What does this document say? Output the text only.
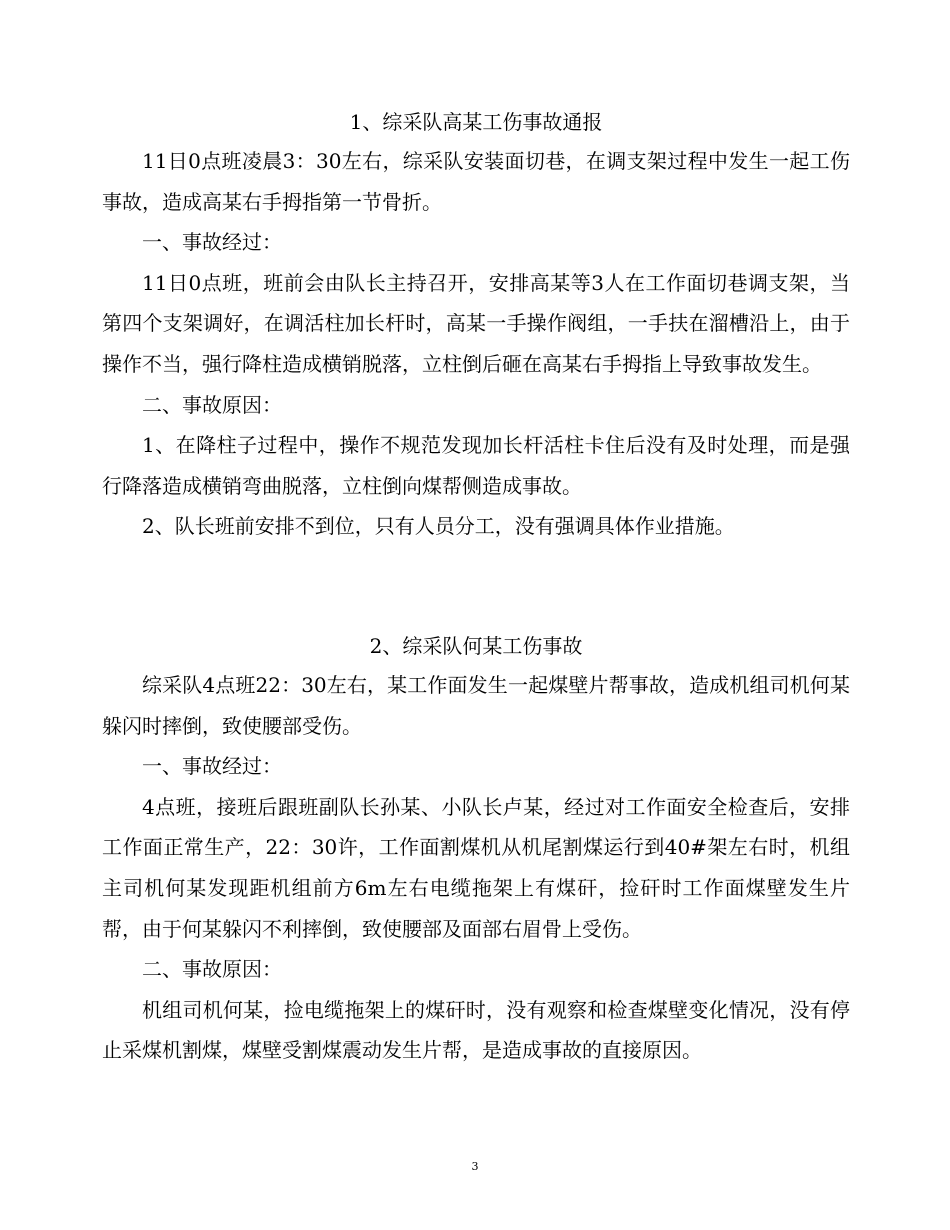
1、综采队高某工伤事故通报

11日0点班凌晨3：30左右，综采队安装面切巷，在调支架过程中发生一起工伤事故，造成高某右手拇指第一节骨折。

一、事故经过：

11日0点班，班前会由队长主持召开，安排高某等3人在工作面切巷调支架，当第四个支架调好，在调活柱加长杆时，高某一手操作阀组，一手扶在溜槽沿上，由于操作不当，强行降柱造成横销脱落，立柱倒后砸在高某右手拇指上导致事故发生。

二、事故原因：

1、在降柱子过程中，操作不规范发现加长杆活柱卡住后没有及时处理，而是强行降落造成横销弯曲脱落，立柱倒向煤帮侧造成事故。

2、队长班前安排不到位，只有人员分工，没有强调具体作业措施。

2、综采队何某工伤事故

综采队4点班22：30左右，某工作面发生一起煤壁片帮事故，造成机组司机何某躲闪时摔倒，致使腰部受伤。

一、事故经过：

4点班，接班后跟班副队长孙某、小队长卢某，经过对工作面安全检查后，安排工作面正常生产，22：30许，工作面割煤机从机尾割煤运行到40#架左右时，机组主司机何某发现距机组前方6m左右电缆拖架上有煤矸，捡矸时工作面煤壁发生片帮，由于何某躲闪不利摔倒，致使腰部及面部右眉骨上受伤。

二、事故原因：

机组司机何某，捡电缆拖架上的煤矸时，没有观察和检查煤壁变化情况，没有停止采煤机割煤，煤壁受割煤震动发生片帮，是造成事故的直接原因。

3
